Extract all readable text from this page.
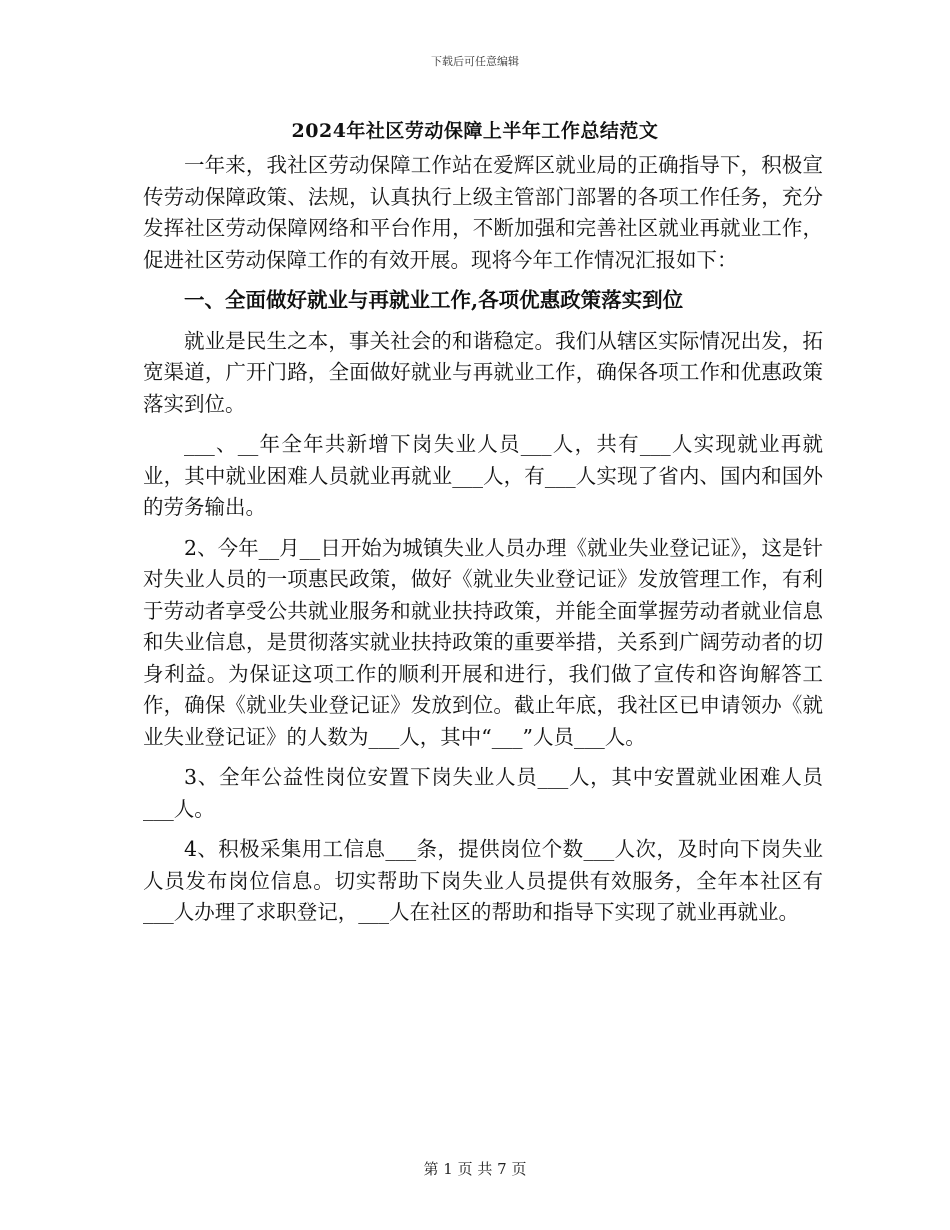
下载后可任意编辑
2024年社区劳动保障上半年工作总结范文

一年来，我社区劳动保障工作站在爱辉区就业局的正确指导下，积极宣传劳动保障政策、法规，认真执行上级主管部门部署的各项工作任务，充分发挥社区劳动保障网络和平台作用，不断加强和完善社区就业再就业工作，促进社区劳动保障工作的有效开展。现将今年工作情况汇报如下：

一、全面做好就业与再就业工作,各项优惠政策落实到位

就业是民生之本，事关社会的和谐稳定。我们从辖区实际情况出发，拓宽渠道，广开门路，全面做好就业与再就业工作，确保各项工作和优惠政策落实到位。

___、__年全年共新增下岗失业人员___人，共有___人实现就业再就业，其中就业困难人员就业再就业___人，有___人实现了省内、国内和国外的劳务输出。

2、今年__月__日开始为城镇失业人员办理《就业失业登记证》，这是针对失业人员的一项惠民政策，做好《就业失业登记证》发放管理工作，有利于劳动者享受公共就业服务和就业扶持政策，并能全面掌握劳动者就业信息和失业信息，是贯彻落实就业扶持政策的重要举措，关系到广阔劳动者的切身利益。为保证这项工作的顺利开展和进行，我们做了宣传和咨询解答工作，确保《就业失业登记证》发放到位。截止年底，我社区已申请领办《就业失业登记证》的人数为___人，其中“___”人员___人。

3、全年公益性岗位安置下岗失业人员___人，其中安置就业困难人员___人。

4、积极采集用工信息___条，提供岗位个数___人次，及时向下岗失业人员发布岗位信息。切实帮助下岗失业人员提供有效服务，全年本社区有___人办理了求职登记，___人在社区的帮助和指导下实现了就业再就业。

第 1 页 共 7 页
